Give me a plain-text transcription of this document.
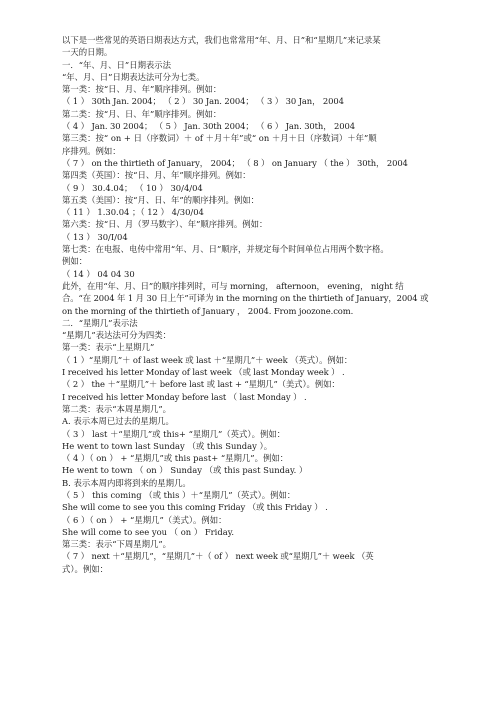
以下是一些常见的英语日期表达方式，我们也常常用“年、月、日”和“星期几”来记录某
一天的日期。
一．“年、月、日”日期表示法
“年、月、日”日期表达法可分为七类。
第一类：按“日、月、年”顺序排列。例如：
（ 1 ） 30th Jan. 2004； （ 2 ） 30 Jan. 2004； （ 3 ） 30 Jan， 2004
第二类：按“月、日、年”顺序排列。例如：
（ 4 ） Jan. 30 2004； （ 5 ） Jan. 30th 2004； （ 6 ） Jan. 30th， 2004
第三类：按“ on + 日（序数词）＋ of ＋月＋年”或“ on ＋月＋日（序数词）＋年”顺
序排列。例如：
（ 7 ） on the thirtieth of January， 2004； （ 8 ） on January （ the ） 30th， 2004
第四类（英国）：按“日、月、年”顺序排列。例如：
（ 9 ） 30.4.04； （ 10 ） 30/4/04
第五类（美国）：按“月、日、年”的顺序排列。例如：
（ 11 ） 1.30.04 ；（ 12 ） 4/30/04
第六类：按“日、月（罗马数字）、年”顺序排列。例如：
（ 13 ） 30/I/04
第七类：在电报、电传中常用“年、月、日”顺序，并规定每个时间单位占用两个数字格。
例如：
（ 14 ） 04 04 30
此外，在用“年、月、日”的顺序排列时，可与 morning， afternoon， evening， night 结
合。“在 2004 年 1 月 30 日上午”可译为 in the morning on the thirtieth of January，2004 或
on the morning of the thirtieth of January ， 2004. From joozone.com.
二．“星期几”表示法
“星期几”表达法可分为四类：
第一类：表示“上星期几”
（ 1 ）“星期几”＋ of last week 或 last ＋“星期几”＋ week （英式）。例如：
I received his letter Monday of last week （或 last Monday week ） .
（ 2 ） the ＋“星期几”＋ before last 或 last + “星期几”（美式）。例如：
I received his letter Monday before last （ last Monday ） .
第二类：表示“本周星期几”。
A. 表示本周已过去的星期几。
（ 3 ） last ＋“星期几”或 this+ “星期几”（英式）。例如：
He went to town last Sunday （或 this Sunday ）。
（ 4 ）（ on ） + “星期几”或 this past+ “星期几”。例如：
He went to town （ on ） Sunday （或 this past Sunday. ）
B. 表示本周内即将到来的星期几。
（ 5 ） this coming （或 this ）＋“星期几”（英式）。例如：
She will come to see you this coming Friday （或 this Friday ） .
（ 6 ）（ on ） + “星期几”（美式）。例如：
She will come to see you （ on ） Friday.
第三类：表示“下周星期几”。
（ 7 ） next ＋“星期几”，“星期几”＋（ of ） next week 或“星期几”＋ week （英
式）。例如：
